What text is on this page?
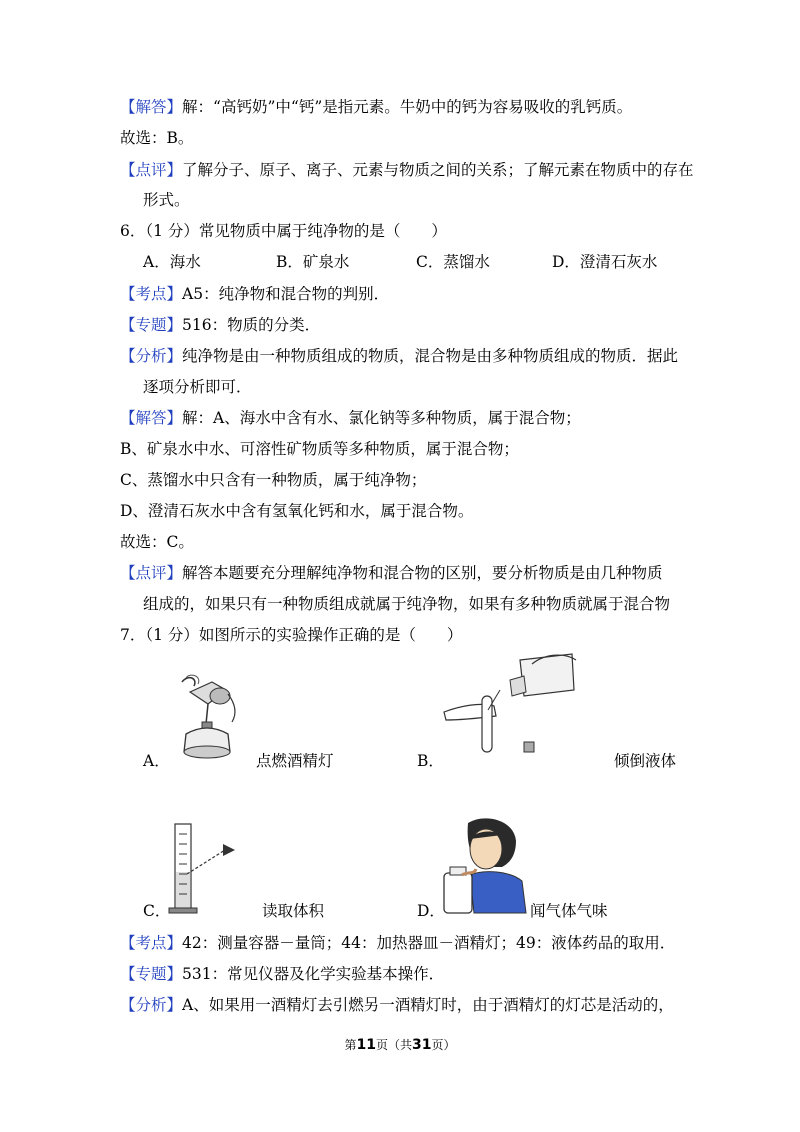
【解答】解：“高钙奶”中“钙”是指元素。牛奶中的钙为容易吸收的乳钙质。
故选：B。
【点评】了解分子、原子、离子、元素与物质之间的关系；了解元素在物质中的存在
形式。
6．（1 分）常见物质中属于纯净物的是（　　）
A．海水	B．矿泉水	C．蒸馏水	D．澄清石灰水
【考点】A5：纯净物和混合物的判别．
【专题】516：物质的分类．
【分析】纯净物是由一种物质组成的物质，混合物是由多种物质组成的物质．据此
逐项分析即可．
【解答】解：A、海水中含有水、氯化钠等多种物质，属于混合物；
B、矿泉水中水、可溶性矿物质等多种物质，属于混合物；
C、蒸馏水中只含有一种物质，属于纯净物；
D、澄清石灰水中含有氢氧化钙和水，属于混合物。
故选：C。
【点评】解答本题要充分理解纯净物和混合物的区别，要分析物质是由几种物质
组成的，如果只有一种物质组成就属于纯净物，如果有多种物质就属于混合物
7．（1 分）如图所示的实验操作正确的是（　　）
A．	点燃酒精灯	B．	倾倒液体
C．	读取体积	D．	闻气体气味
【考点】42：测量容器－量筒；44：加热器皿－酒精灯；49：液体药品的取用．
【专题】531：常见仪器及化学实验基本操作．
【分析】A、如果用一酒精灯去引燃另一酒精灯时，由于酒精灯的灯芯是活动的，
第11页（共31页）
